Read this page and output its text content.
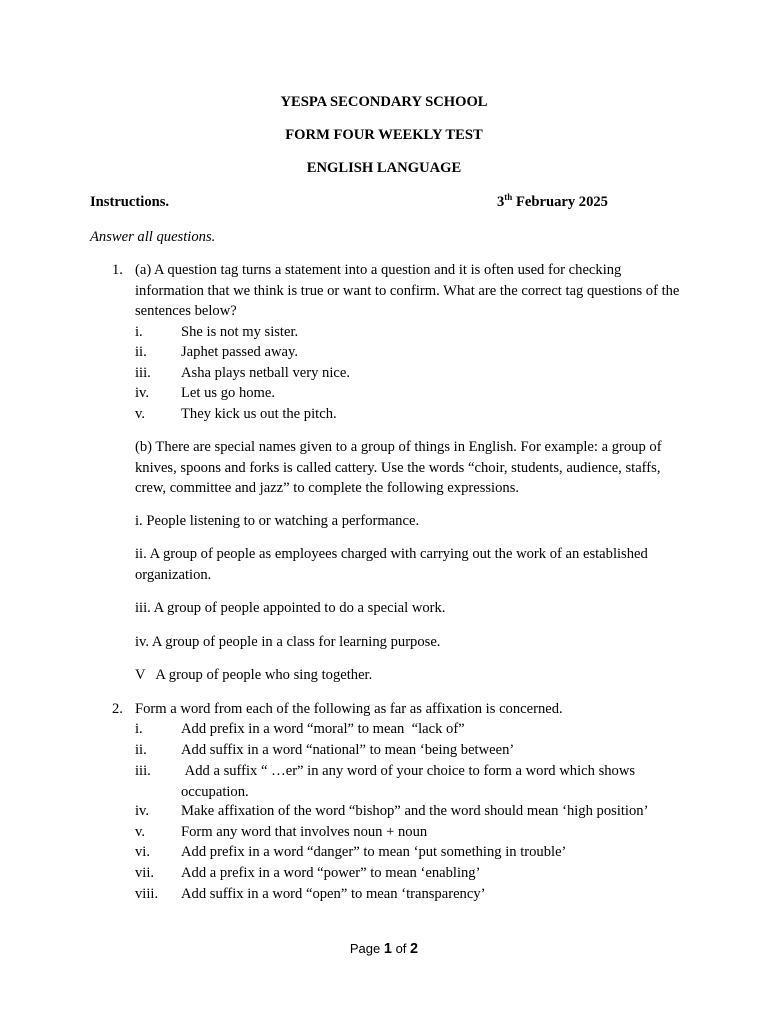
YESPA SECONDARY SCHOOL
FORM FOUR WEEKLY TEST
ENGLISH LANGUAGE
Instructions.	3th February 2025
Answer all questions.
1. (a) A question tag turns a statement into a question and it is often used for checking information that we think is true or want to confirm. What are the correct tag questions of the sentences below?
i.	She is not my sister.
ii. Japhet passed away.
iii. Asha plays netball very nice.
iv. Let us go home.
v. They kick us out the pitch.
(b) There are special names given to a group of things in English. For example: a group of knives, spoons and forks is called cattery. Use the words “choir, students, audience, staffs, crew, committee and jazz” to complete the following expressions.
i. People listening to or watching a performance.
ii. A group of people as employees charged with carrying out the work of an established organization.
iii. A group of people appointed to do a special work.
iv. A group of people in a class for learning purpose.
V   A group of people who sing together.
2. Form a word from each of the following as far as affixation is concerned.
i.	Add prefix in a word “moral” to mean  “lack of”
ii. Add suffix in a word “national” to mean ‘being between’
iii. Add a suffix “ …er” in any word of your choice to form a word which shows occupation.
iv. Make affixation of the word “bishop” and the word should mean ‘high position’
v. Form any word that involves noun + noun
vi. Add prefix in a word “danger” to mean ‘put something in trouble’
vii. Add a prefix in a word “power” to mean ‘enabling’
viii. Add suffix in a word “open” to mean ‘transparency’
Page 1 of 2
